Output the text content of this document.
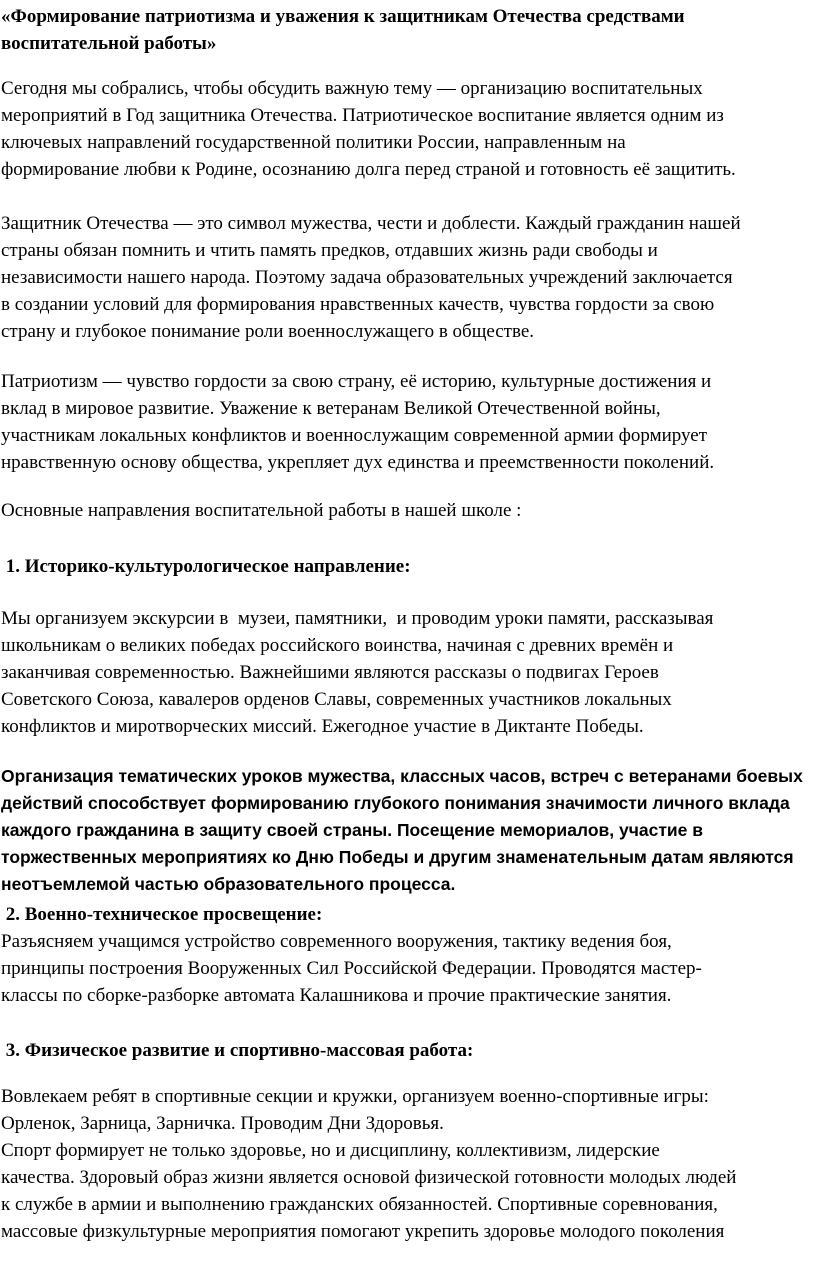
«Формирование патриотизма и уважения к защитникам Отечества средствами
воспитательной работы»
Сегодня мы собрались, чтобы обсудить важную тему — организацию воспитательных
мероприятий в Год защитника Отечества. Патриотическое воспитание является одним из
ключевых направлений государственной политики России, направленным на
формирование любви к Родине, осознанию долга перед страной и готовность её защитить.
Защитник Отечества — это символ мужества, чести и доблести. Каждый гражданин нашей
страны обязан помнить и чтить память предков, отдавших жизнь ради свободы и
независимости нашего народа. Поэтому задача образовательных учреждений заключается
в создании условий для формирования нравственных качеств, чувства гордости за свою
страну и глубокое понимание роли военнослужащего в обществе.
Патриотизм — чувство гордости за свою страну, её историю, культурные достижения и
вклад в мировое развитие. Уважение к ветеранам Великой Отечественной войны,
участникам локальных конфликтов и военнослужащим современной армии формирует
нравственную основу общества, укрепляет дух единства и преемственности поколений.
Основные направления воспитательной работы в нашей школе :
1. Историко-культурологическое направление:
Мы организуем экскурсии в  музеи, памятники,  и проводим уроки памяти, рассказывая
школьникам о великих победах российского воинства, начиная с древних времён и
заканчивая современностью. Важнейшими являются рассказы о подвигах Героев
Советского Союза, кавалеров орденов Славы, современных участников локальных
конфликтов и миротворческих миссий. Ежегодное участие в Диктанте Победы.
Организация тематических уроков мужества, классных часов, встреч с ветеранами боевых
действий способствует формированию глубокого понимания значимости личного вклада
каждого гражданина в защиту своей страны. Посещение мемориалов, участие в
торжественных мероприятиях ко Дню Победы и другим знаменательным датам являются
неотъемлемой частью образовательного процесса.
2. Военно-техническое просвещение:
Разъясняем учащимся устройство современного вооружения, тактику ведения боя,
принципы построения Вооруженных Сил Российской Федерации. Проводятся мастер-
классы по сборке-разборке автомата Калашникова и прочие практические занятия.
3. Физическое развитие и спортивно-массовая работа:
Вовлекаем ребят в спортивные секции и кружки, организуем военно-спортивные игры:
Орленок, Зарница, Зарничка. Проводим Дни Здоровья.
Спорт формирует не только здоровье, но и дисциплину, коллективизм, лидерские
качества. Здоровый образ жизни является основой физической готовности молодых людей
к службе в армии и выполнению гражданских обязанностей. Спортивные соревнования,
массовые физкультурные мероприятия помогают укрепить здоровье молодого поколения
